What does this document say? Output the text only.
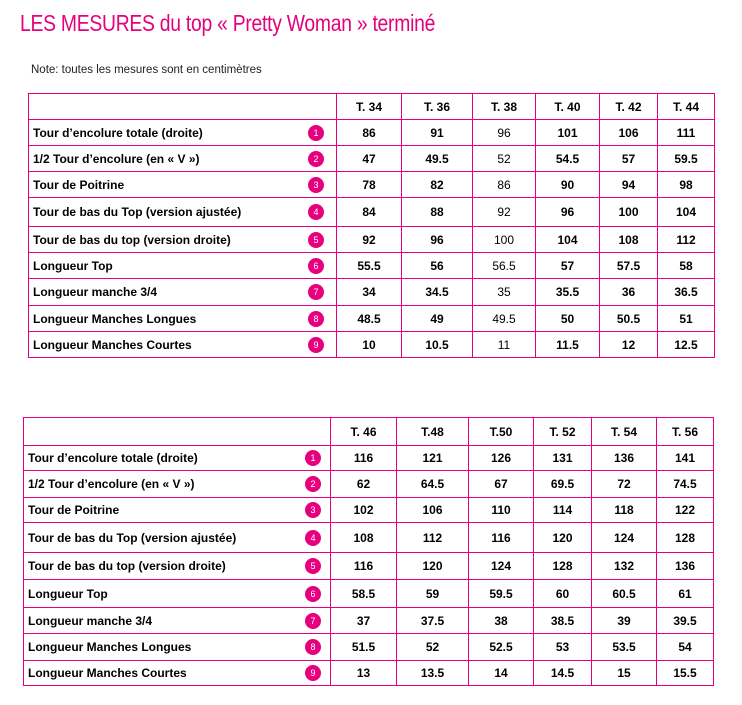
LES MESURES du top « Pretty Woman » terminé
Note: toutes les mesures sont en centimètres
	T. 34	T. 36	T. 38	T. 40	T. 42	T. 44
Tour d’encolure totale (droite) 1	86	91	96	101	106	111
1/2 Tour d’encolure (en « V ») 2	47	49.5	52	54.5	57	59.5
Tour de Poitrine 3	78	82	86	90	94	98
Tour de bas du Top (version ajustée) 4	84	88	92	96	100	104
Tour de bas du top (version droite) 5	92	96	100	104	108	112
Longueur Top 6	55.5	56	56.5	57	57.5	58
Longueur manche 3/4 7	34	34.5	35	35.5	36	36.5
Longueur Manches Longues 8	48.5	49	49.5	50	50.5	51
Longueur Manches Courtes 9	10	10.5	11	11.5	12	12.5
	T. 46	T.48	T.50	T. 52	T. 54	T. 56
Tour d’encolure totale (droite) 1	116	121	126	131	136	141
1/2 Tour d’encolure (en « V ») 2	62	64.5	67	69.5	72	74.5
Tour de Poitrine 3	102	106	110	114	118	122
Tour de bas du Top (version ajustée) 4	108	112	116	120	124	128
Tour de bas du top (version droite) 5	116	120	124	128	132	136
Longueur Top 6	58.5	59	59.5	60	60.5	61
Longueur manche 3/4 7	37	37.5	38	38.5	39	39.5
Longueur Manches Longues 8	51.5	52	52.5	53	53.5	54
Longueur Manches Courtes 9	13	13.5	14	14.5	15	15.5
